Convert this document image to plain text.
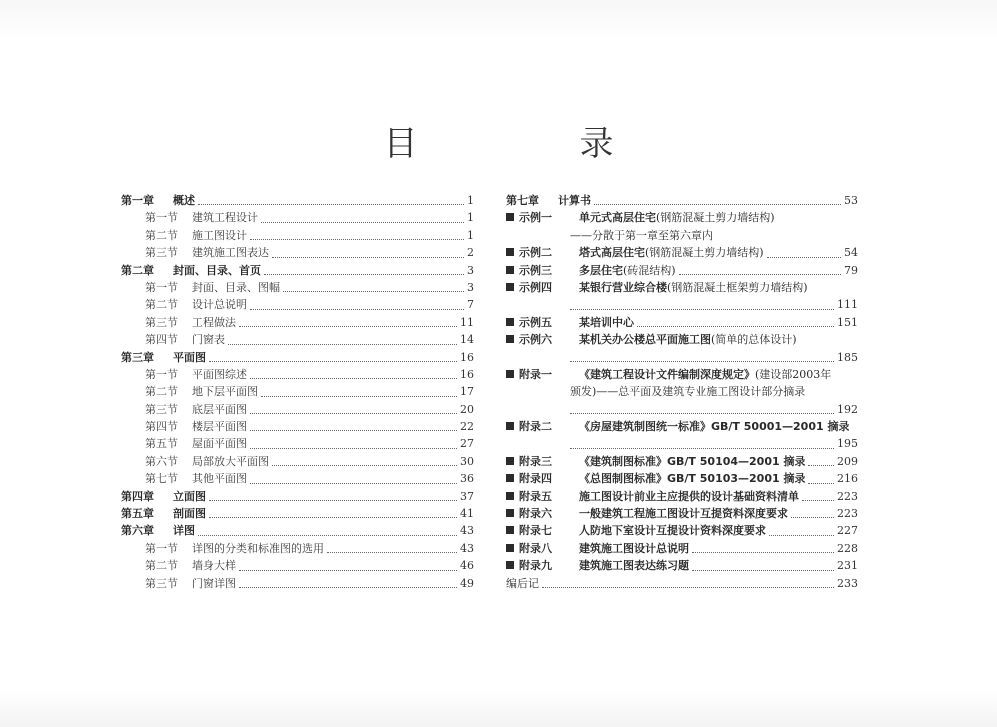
目　录
第一章 概述	1
第一节 建筑工程设计	1
第二节 施工图设计	1
第三节 建筑施工图表达	2
第二章 封面、目录、首页	3
第一节 封面、目录、图幅	3
第二节 设计总说明	7
第三节 工程做法	11
第四节 门窗表	14
第三章 平面图	16
第一节 平面图综述	16
第二节 地下层平面图	17
第三节 底层平面图	20
第四节 楼层平面图	22
第五节 屋面平面图	27
第六节 局部放大平面图	30
第七节 其他平面图	36
第四章 立面图	37
第五章 剖面图	41
第六章 详图	43
第一节 详图的分类和标准图的选用	43
第二节 墙身大样	46
第三节 门窗详图	49
第七章 计算书	53
示例一 单元式高层住宅(钢筋混凝土剪力墙结构)
——分散于第一章至第六章内
示例二 塔式高层住宅(钢筋混凝土剪力墙结构)	54
示例三 多层住宅(砖混结构)	79
示例四 某银行营业综合楼(钢筋混凝土框架剪力墙结构)
111
示例五 某培训中心	151
示例六 某机关办公楼总平面施工图(简单的总体设计)
185
附录一 《建筑工程设计文件编制深度规定》(建设部2003年
颁发)——总平面及建筑专业施工图设计部分摘录
192
附录二 《房屋建筑制图统一标准》GB/T 50001—2001 摘录
195
附录三 《建筑制图标准》GB/T 50104—2001 摘录	209
附录四 《总图制图标准》GB/T 50103—2001 摘录	216
附录五 施工图设计前业主应提供的设计基础资料清单	223
附录六 一般建筑工程施工图设计互提资料深度要求	223
附录七 人防地下室设计互提设计资料深度要求	227
附录八 建筑施工图设计总说明	228
附录九 建筑施工图表达练习题	231
编后记	233
